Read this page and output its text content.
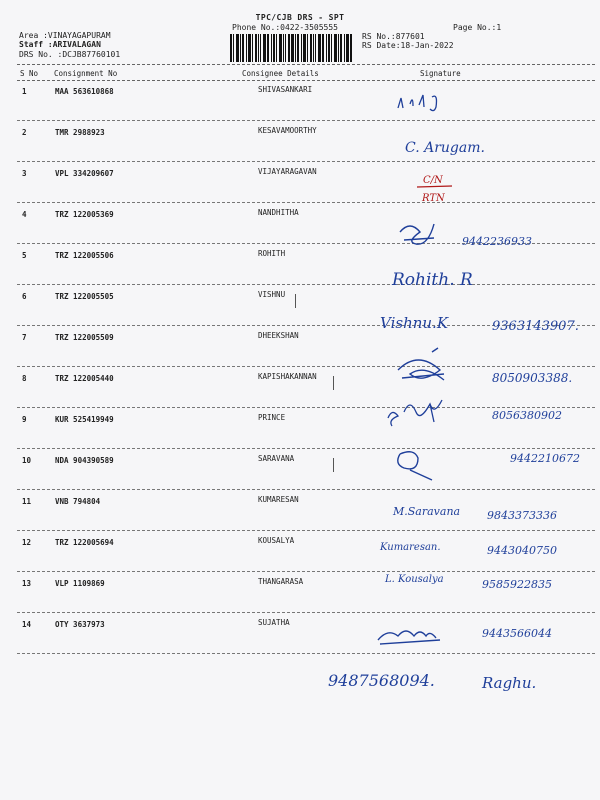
TPC/CJB DRS - SPT
Phone No.:0422-3505555	Page No.:1
Area :VINAYAGAPURAM
Staff :ARIVALAGAN
DRS No. :DCJB87760101
RS No.:877601
RS Date:18-Jan-2022
S No Consignment No	Consignee Details	Signature
1	MAA 563610868	SHIVASANKARI
2	TMR 2988923	KESAVAMOORTHY
3	VPL 334209607	VIJAYARAGAVAN
4	TRZ 122005369	NANDHITHA
5	TRZ 122005506	ROHITH
6	TRZ 122005505	VISHNU
7	TRZ 122005509	DHEEKSHAN
8	TRZ 122005440	KAPISHAKANNAN
9	KUR 525419949	PRINCE
10	NDA 904390589	SARAVANA
11	VNB 794804	KUMARESAN
12	TRZ 122005694	KOUSALYA
13	VLP 1109869	THANGARASA
14	OTY 3637973	SUJATHA
C. Arugam.
C/N
RTN
9442236933
Rohith. R
Vishnu.K	9363143907.
8050903388.
8056380902
9442210672
M.Saravana 9843373336
Kumaresan.	9443040750
L. Kousalya	9585922835
9443566044
9487568094.	Raghu.
